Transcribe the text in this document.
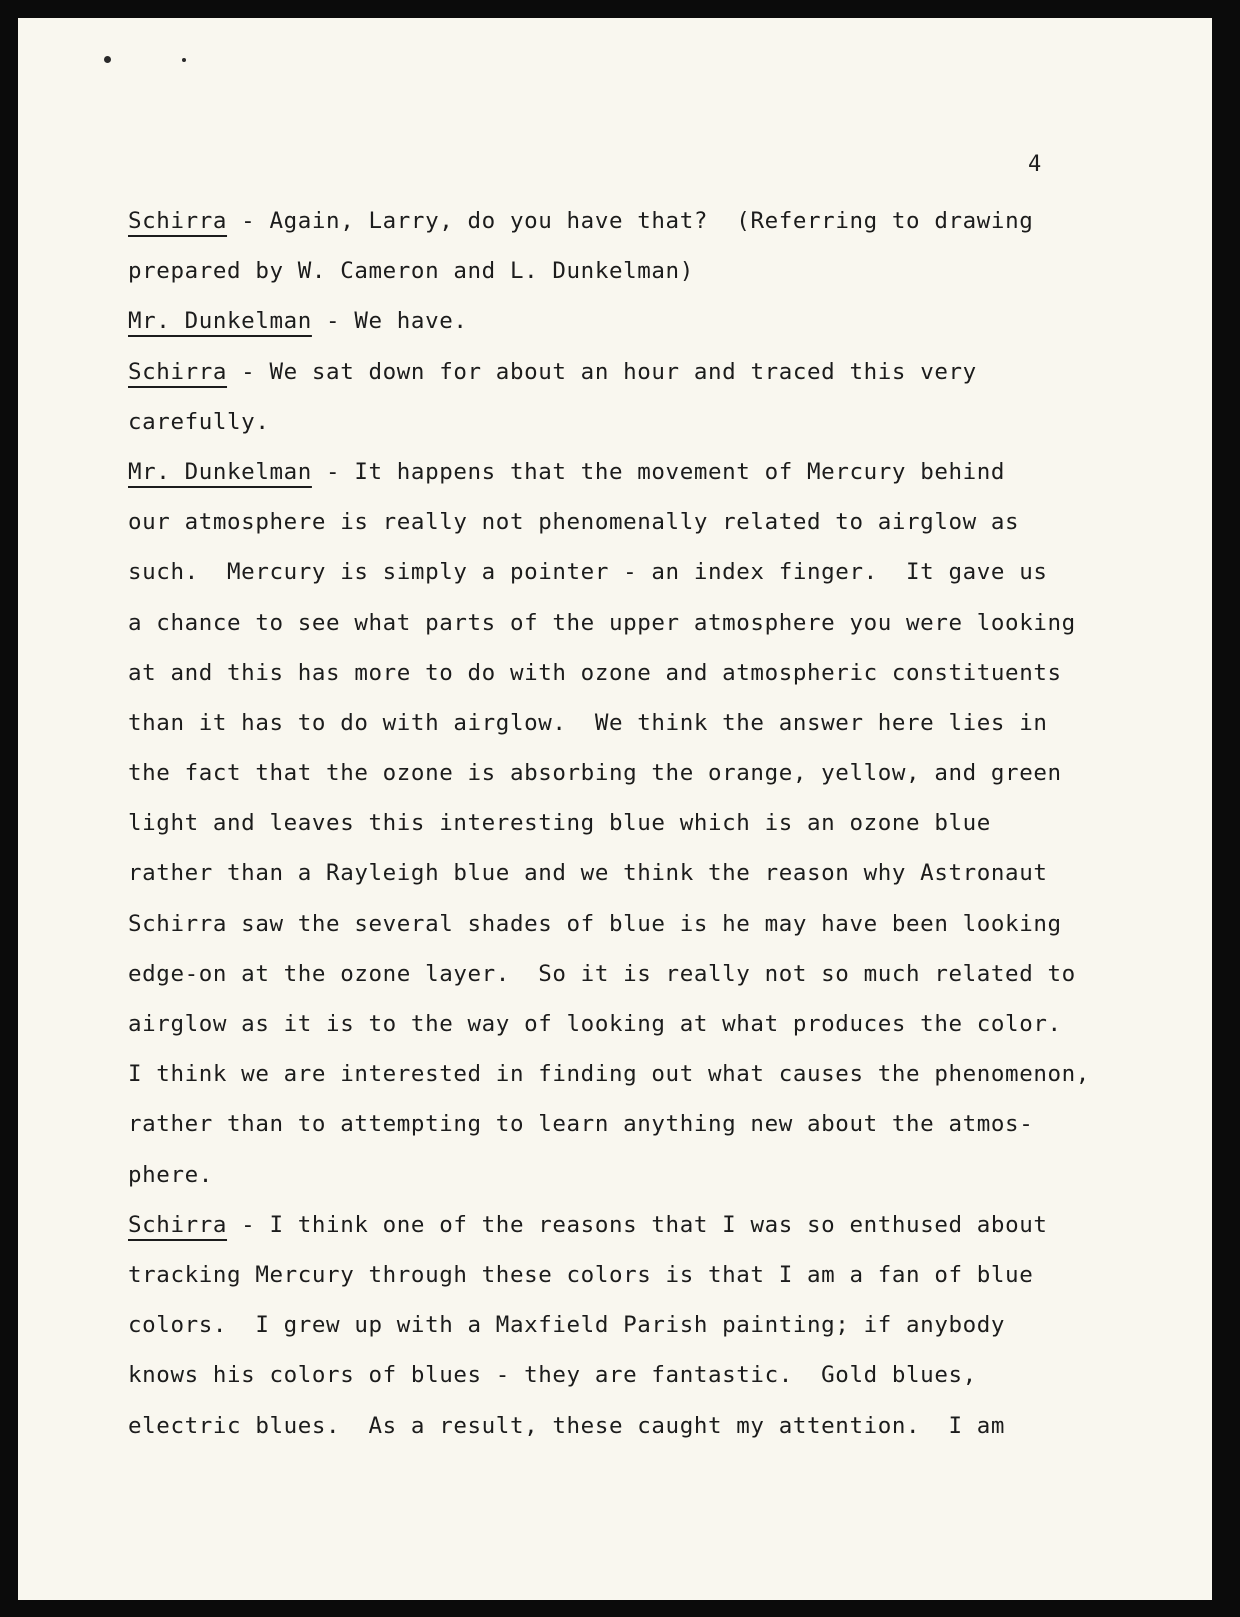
4
Schirra - Again, Larry, do you have that?  (Referring to drawing
prepared by W. Cameron and L. Dunkelman)
Mr. Dunkelman - We have.
Schirra - We sat down for about an hour and traced this very
carefully.
Mr. Dunkelman - It happens that the movement of Mercury behind
our atmosphere is really not phenomenally related to airglow as
such.  Mercury is simply a pointer - an index finger.  It gave us
a chance to see what parts of the upper atmosphere you were looking
at and this has more to do with ozone and atmospheric constituents
than it has to do with airglow.  We think the answer here lies in
the fact that the ozone is absorbing the orange, yellow, and green
light and leaves this interesting blue which is an ozone blue
rather than a Rayleigh blue and we think the reason why Astronaut
Schirra saw the several shades of blue is he may have been looking
edge-on at the ozone layer.  So it is really not so much related to
airglow as it is to the way of looking at what produces the color.
I think we are interested in finding out what causes the phenomenon,
rather than to attempting to learn anything new about the atmos-
phere.
Schirra - I think one of the reasons that I was so enthused about
tracking Mercury through these colors is that I am a fan of blue
colors.  I grew up with a Maxfield Parish painting; if anybody
knows his colors of blues - they are fantastic.  Gold blues,
electric blues.  As a result, these caught my attention.  I am
